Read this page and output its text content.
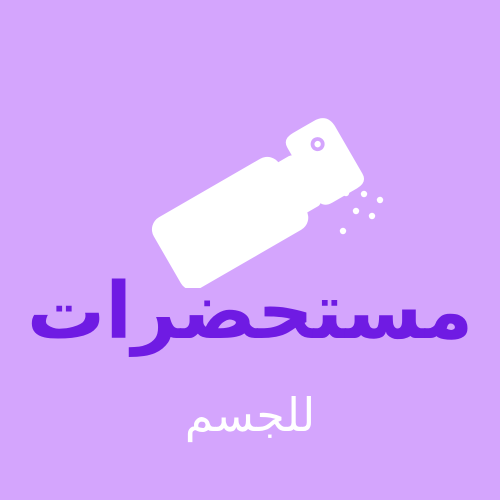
مستحضرات
للجسم
